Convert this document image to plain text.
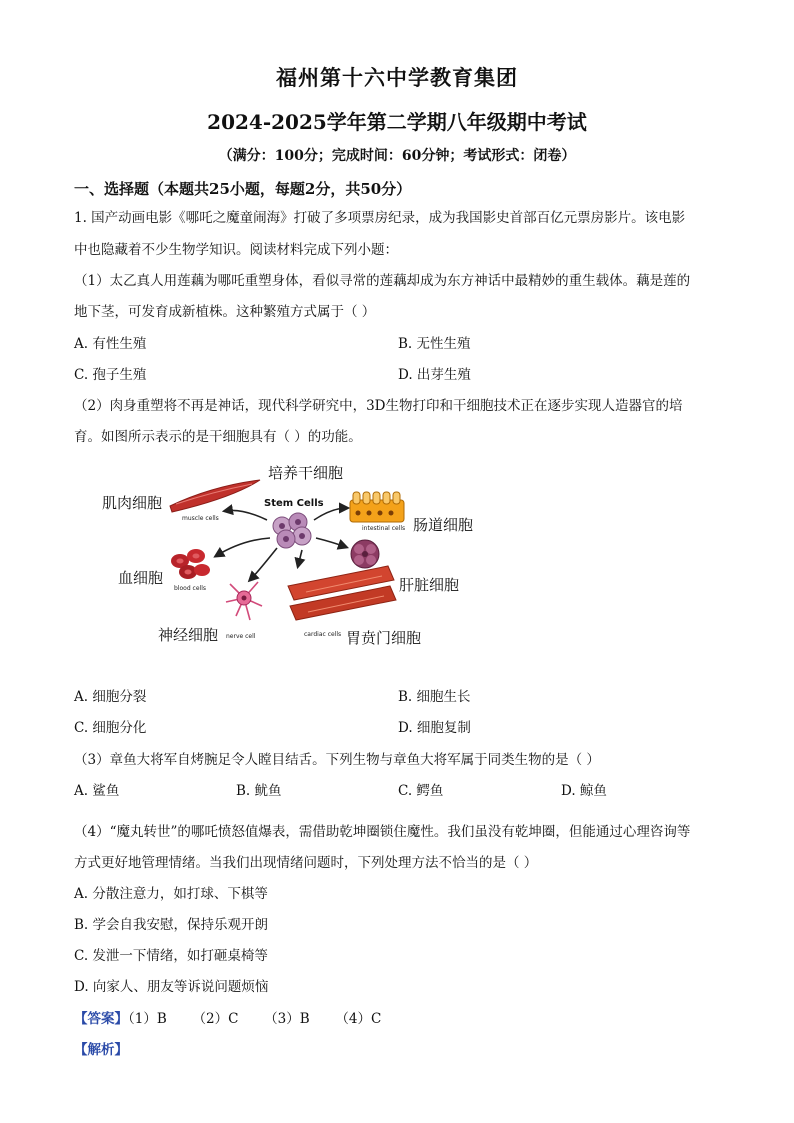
福州第十六中学教育集团
2024-2025学年第二学期八年级期中考试
（满分：100分；完成时间：60分钟；考试形式：闭卷）
一、选择题（本题共25小题，每题2分，共50分）
1. 国产动画电影《哪吒之魔童闹海》打破了多项票房纪录，成为我国影史首部百亿元票房影片。该电影
中也隐藏着不少生物学知识。阅读材料完成下列小题：
（1）太乙真人用莲藕为哪吒重塑身体，看似寻常的莲藕却成为东方神话中最精妙的重生载体。藕是莲的
地下茎，可发育成新植株。这种繁殖方式属于（ ）
A. 有性生殖	B. 无性生殖
C. 孢子生殖	D. 出芽生殖
（2）肉身重塑将不再是神话，现代科学研究中，3D生物打印和干细胞技术正在逐步实现人造器官的培
育。如图所示表示的是干细胞具有（ ）的功能。
培养干细胞
肌肉细胞
肠道细胞
血细胞	肝脏细胞
神经细胞	胃贲门细胞
Stem Cells
muscle cells
intestinal cells
blood cells
nerve cell	cardiac cells
A. 细胞分裂	B. 细胞生长
C. 细胞分化	D. 细胞复制
（3）章鱼大将军自烤腕足令人瞠目结舌。下列生物与章鱼大将军属于同类生物的是（ ）
A. 鲨鱼	B. 鱿鱼	C. 鳄鱼	D. 鲸鱼
（4）“魔丸转世”的哪吒愤怒值爆表，需借助乾坤圈锁住魔性。我们虽没有乾坤圈，但能通过心理咨询等
方式更好地管理情绪。当我们出现情绪问题时，下列处理方法不恰当的是（ ）
A. 分散注意力，如打球、下棋等
B. 学会自我安慰，保持乐观开朗
C. 发泄一下情绪，如打砸桌椅等
D. 向家人、朋友等诉说问题烦恼
【答案】（1）B      （2）C      （3）B      （4）C
【解析】
